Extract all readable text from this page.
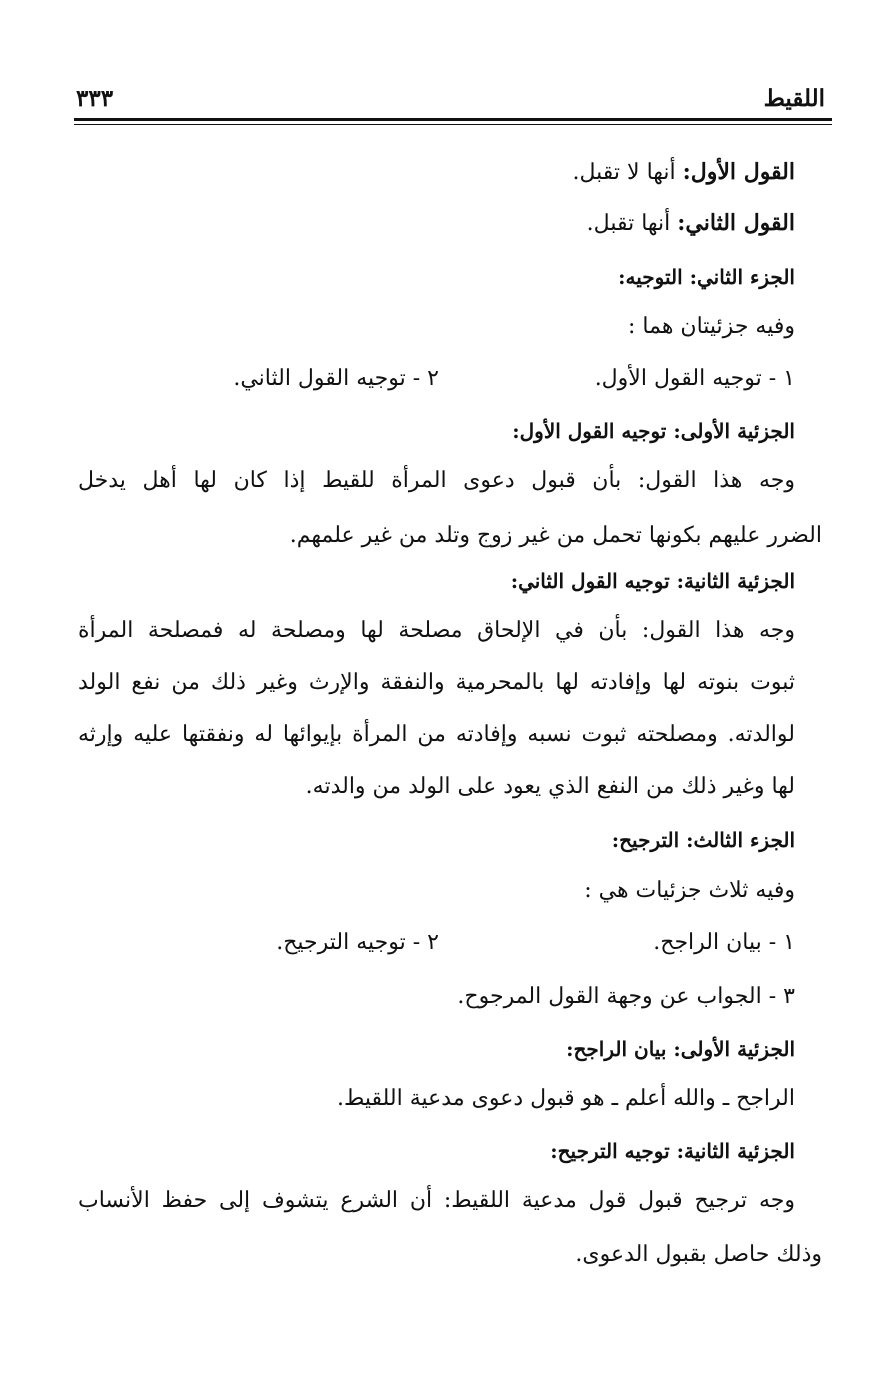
اللقيط
٣٣٣
القول الأول: أنها لا تقبل.
القول الثاني: أنها تقبل.
الجزء الثاني: التوجيه:
وفيه جزئيتان هما :
١ - توجيه القول الأول.
٢ - توجيه القول الثاني.
الجزئية الأولى: توجيه القول الأول:
وجه هذا القول: بأن قبول دعوى المرأة للقيط إذا كان لها أهل يدخل
الضرر عليهم بكونها تحمل من غير زوج وتلد من غير علمهم.
الجزئية الثانية: توجيه القول الثاني:
وجه هذا القول: بأن في الإلحاق مصلحة لها ومصلحة له فمصلحة المرأة
ثبوت بنوته لها وإفادته لها بالمحرمية والنفقة والإرث وغير ذلك من نفع الولد
لوالدته. ومصلحته ثبوت نسبه وإفادته من المرأة بإيوائها له ونفقتها عليه وإرثه
لها وغير ذلك من النفع الذي يعود على الولد من والدته.
الجزء الثالث: الترجيح:
وفيه ثلاث جزئيات هي :
١ - بيان الراجح.
٢ - توجيه الترجيح.
٣ - الجواب عن وجهة القول المرجوح.
الجزئية الأولى: بيان الراجح:
الراجح ـ والله أعلم ـ هو قبول دعوى مدعية اللقيط.
الجزئية الثانية: توجيه الترجيح:
وجه ترجيح قبول قول مدعية اللقيط: أن الشرع يتشوف إلى حفظ الأنساب
وذلك حاصل بقبول الدعوى.
